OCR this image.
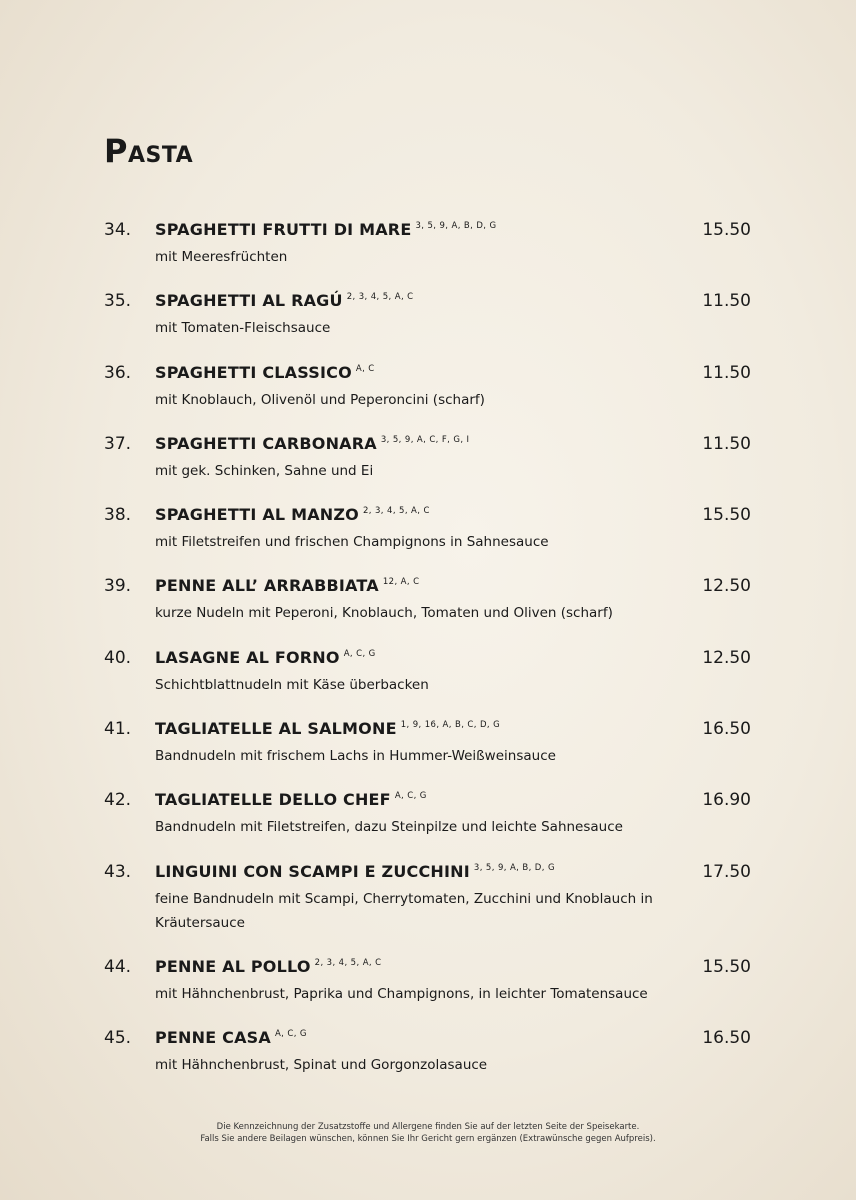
Pasta
34. SPAGHETTI FRUTTI DI MARE $^{3, 5, 9, A, B, D, G}$	15.50
mit Meeresfrüchten
35. SPAGHETTI AL RAGÚ $^{2, 3, 4, 5, A, C}$	11.50
mit Tomaten-Fleischsauce
36. SPAGHETTI CLASSICO $^{A, C}$	11.50
mit Knoblauch, Olivenöl und Peperoncini (scharf)
37. SPAGHETTI CARBONARA $^{3, 5, 9, A, C, F, G, I}$	11.50
mit gek. Schinken, Sahne und Ei
38. SPAGHETTI AL MANZO $^{2, 3, 4, 5, A, C}$	15.50
mit Filetstreifen und frischen Champignons in Sahnesauce
39. PENNE ALL’ ARRABBIATA $^{12, A, C}$	12.50
kurze Nudeln mit Peperoni, Knoblauch, Tomaten und Oliven (scharf)
40. LASAGNE AL FORNO $^{A, C, G}$	12.50
Schichtblattnudeln mit Käse überbacken
41. TAGLIATELLE AL SALMONE $^{1, 9, 16, A, B, C, D, G}$	16.50
Bandnudeln mit frischem Lachs in Hummer-Weißweinsauce
42. TAGLIATELLE DELLO CHEF $^{A, C, G}$	16.90
Bandnudeln mit Filetstreifen, dazu Steinpilze und leichte Sahnesauce
43. LINGUINI CON SCAMPI E ZUCCHINI $^{3, 5, 9, A, B, D, G}$	17.50
feine Bandnudeln mit Scampi, Cherrytomaten, Zucchini und Knoblauch in Kräutersauce
44. PENNE AL POLLO $^{2, 3, 4, 5, A, C}$	15.50
mit Hähnchenbrust, Paprika und Champignons, in leichter Tomatensauce
45. PENNE CASA $^{A, C, G}$	16.50
mit Hähnchenbrust, Spinat und Gorgonzolasauce
Die Kennzeichnung der Zusatzstoffe und Allergene finden Sie auf der letzten Seite der Speisekarte.
Falls Sie andere Beilagen wünschen, können Sie Ihr Gericht gern ergänzen (Extrawünsche gegen Aufpreis).
